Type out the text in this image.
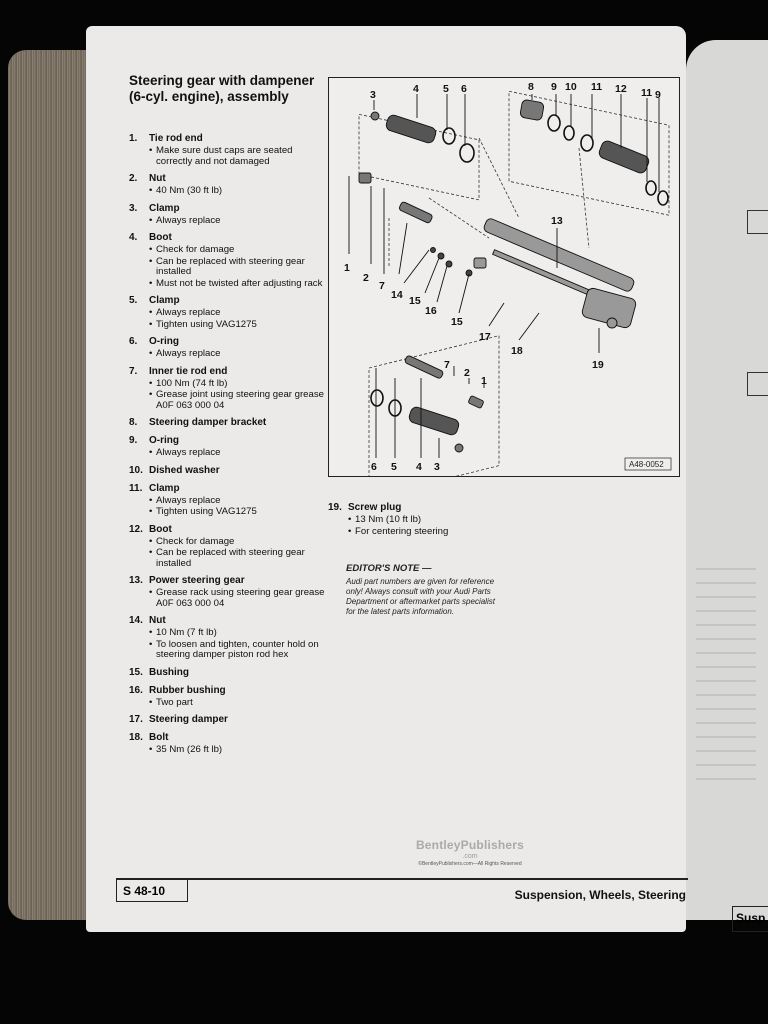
Susp
Steering gear with dampener (6-cyl. engine), assembly
1.	Tie rod end
• Make sure dust caps are seated correctly and not damaged
2.	Nut
• 40 Nm (30 ft lb)
3.	Clamp
• Always replace
4.	Boot
• Check for damage
• Can be replaced with steering gear installed
• Must not be twisted after adjusting rack
5.	Clamp
• Always replace
• Tighten using VAG1275
6.	O-ring
• Always replace
7.	Inner tie rod end
• 100 Nm (74 ft lb)
• Grease joint using steering gear grease A0F 063 000 04
8.	Steering damper bracket
9.	O-ring
• Always replace
10. Dished washer
11. Clamp
• Always replace
• Tighten using VAG1275
12. Boot
• Check for damage
• Can be replaced with steering gear installed
13. Power steering gear
• Grease rack using steering gear grease A0F 063 000 04
14. Nut
• 10 Nm (7 ft lb)
• To loosen and tighten, counter hold on steering damper piston rod hex
15. Bushing
16. Rubber bushing
• Two part
17. Steering damper
18. Bolt
• 35 Nm (26 ft lb)
3	4 5 6	8 9 10 11 12 11 9
13
1
2
7
14 15
16
15
17
18
19
7
2
1
6 5 4 3	A48-0052
19. Screw plug
• 13 Nm (10 ft lb)
• For centering steering
EDITOR'S NOTE —
Audi part numbers are given for reference only! Always consult with your Audi Parts Department or aftermarket parts specialist for the latest parts information.
BentleyPublishers
.com
©BentleyPublishers.com—All Rights Reserved
S 48-10	Suspension, Wheels, Steering
